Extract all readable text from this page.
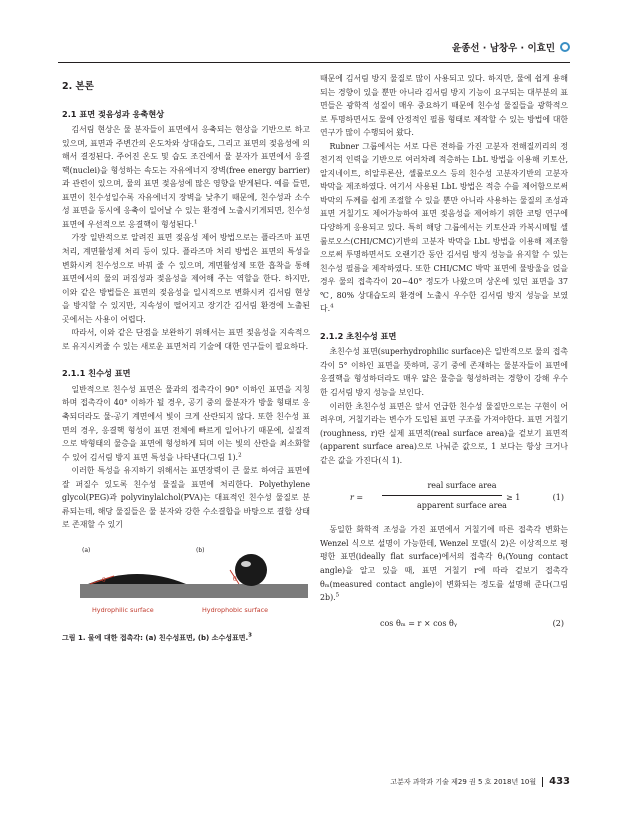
윤종선 · 남창우 · 이효민
2. 본론
2.1 표면 젖음성과 응축현상

김서림 현상은 물 분자들이 표면에서 응축되는 현상을 기반으로 하고 있으며, 표면과 주변간의 온도차와 상대습도, 그리고 표면의 젖음성에 의해서 결정된다. 주어진 온도 및 습도 조건에서 물 분자가 표면에서 응결핵(nuclei)을 형성하는 속도는 자유에너지 장벽(free energy barrier)과 관련이 있으며, 물의 표면 젖음성에 많은 영향을 받게된다. 예를 들면, 표면이 친수성일수록 자유에너지 장벽을 낮추기 때문에, 친수성과 소수성 표면을 동시에 응축이 일어날 수 있는 환경에 노출시키게되면, 친수성 표면에 우선적으로 응결핵이 형성된다.$^1$

가장 일반적으로 알려진 표면 젖음성 제어 방법으로는 플라즈마 표면처리, 계면활성제 처리 등이 있다. 플라즈마 처리 방법은 표면의 특성을 변화시켜 친수성으로 바꿔 줄 수 있으며, 계면활성제 또한 흡착을 통해 표면에서의 물의 퍼짐성과 젖음성을 제어해 주는 역할을 한다. 하지만, 이와 같은 방법들은 표면의 젖음성을 일시적으로 변화시켜 김서림 현상을 방지할 수 있지만, 지속성이 떨어지고 장기간 김서림 환경에 노출된 곳에서는 사용이 어렵다.

따라서, 이와 같은 단점을 보완하기 위해서는 표면 젖음성을 지속적으로 유지시켜줄 수 있는 새로운 표면처리 기술에 대한 연구들이 필요하다.

2.1.1 친수성 표면

일반적으로 친수성 표면은 물과의 접촉각이 90° 이하인 표면을 지칭하며 접촉각이 40° 이하가 될 경우, 공기 중의 물분자가 방울 형태로 응축되더라도 물-공기 계면에서 빛이 크게 산란되지 않다. 또한 친수성 표면의 경우, 응결핵 형성이 표면 전체에 빠르게 일어나기 때문에, 실질적으로 박형태의 물층을 표면에 형성하게 되며 이는 빛의 산란을 최소화할 수 있어 김서림 방지 표면 특성을 나타낸다(그림 1).$^2$

이러한 특성을 유지하기 위해서는 표면장력이 큰 물로 하여금 표면에 잘 퍼질수 있도록 친수성 물질을 표면에 처리한다. Polyethylene glycol(PEG)과 polyvinylalchol(PVA)는 대표적인 친수성 물질로 분류되는데, 해당 물질들은 물 분자와 강한 수소결합을 바탕으로 결합 상태로 존재할 수 있기

(a)
θ
(b)
θ
Hydrophilic surface	Hydrophobic surface
그림 1. 물에 대한 접촉각: (a) 친수성표면, (b) 소수성표면.$^3$

때문에 김서림 방지 물질로 많이 사용되고 있다. 하지만, 물에 쉽게 용해되는 경향이 있을 뿐만 아니라 김서림 방지 기능이 요구되는 대부분의 표면들은 광학적 성질이 매우 중요하기 때문에 친수성 물질들을 광학적으로 투명하면서도 물에 안정적인 필름 형태로 제작할 수 있는 방법에 대한 연구가 많이 수행되어 왔다.

Rubner 그룹에서는 서로 다른 전하를 가진 고분자 전해질끼리의 정전기적 인력을 기반으로 여러차례 적층하는 LbL 방법을 이용해 키토산, 알지네이트, 히알루론산, 셀룰로오스 등의 친수성 고분자기반의 고분자 박막을 제조하였다. 여기서 사용된 LbL 방법은 적층 수를 제어함으로써 박막의 두께를 쉽게 조절할 수 있을 뿐만 아니라 사용하는 물질의 조성과 표면 거칠기도 제어가능하여 표면 젖음성을 제어하기 위한 코팅 연구에 다양하게 응용되고 있다. 특히 해당 그룹에서는 키토산과 카복시메틸 셀룰로오스(CHI/CMC)기반의 고분자 박막을 LbL 방법을 이용해 제조함으로써 투명하면서도 오랜기간 동안 김서림 방지 성능을 유지할 수 있는 친수성 필름을 제작하였다. 또한 CHI/CMC 박막 표면에 물방울을 얹을 경우 물의 접촉각이 20~40° 정도가 나왔으며 상온에 있던 표면을 37 ℃, 80% 상대습도의 환경에 노출시 우수한 김서림 방지 성능을 보였다.$^4$

2.1.2 초친수성 표면

초친수성 표면(superhydrophilic surface)은 일반적으로 물의 접촉각이 5° 이하인 표면을 뜻하며, 공기 중에 존재하는 물분자들이 표면에 응결핵을 형성하더라도 매우 얇은 물층을 형성하려는 경향이 강해 우수한 김서림 방지 성능을 보인다.

이러한 초친수성 표면은 앞서 언급한 친수성 물질만으로는 구현이 어려우며, 거칠기라는 변수가 도입된 표면 구조를 가져야한다. 표면 거칠기(roughness, r)란 실제 표면적(real surface area)을 겉보기 표면적(apparent surface area)으로 나눠준 값으로, 1 보다는 항상 크거나 같은 값을 가진다(식 1).

r =
real surface area
apparent surface area
≥ 1	(1)

동일한 화학적 조성을 가진 표면에서 거칠기에 따른 접촉각 변화는 Wenzel 식으로 설명이 가능한데, Wenzel 모델(식 2)은 이상적으로 평평한 표면(ideally flat surface)에서의 접촉각 θᵧ(Young contact angle)을 알고 있을 때, 표면 거칠기 r에 따라 겉보기 접촉각 θₘ(measured contact angle)이 변화되는 정도를 설명해 준다(그림 2b).$^5$

cos θₘ = r × cos θᵧ	(2)
고분자 과학과 기술 제29 권 5 호 2018년 10월 433
